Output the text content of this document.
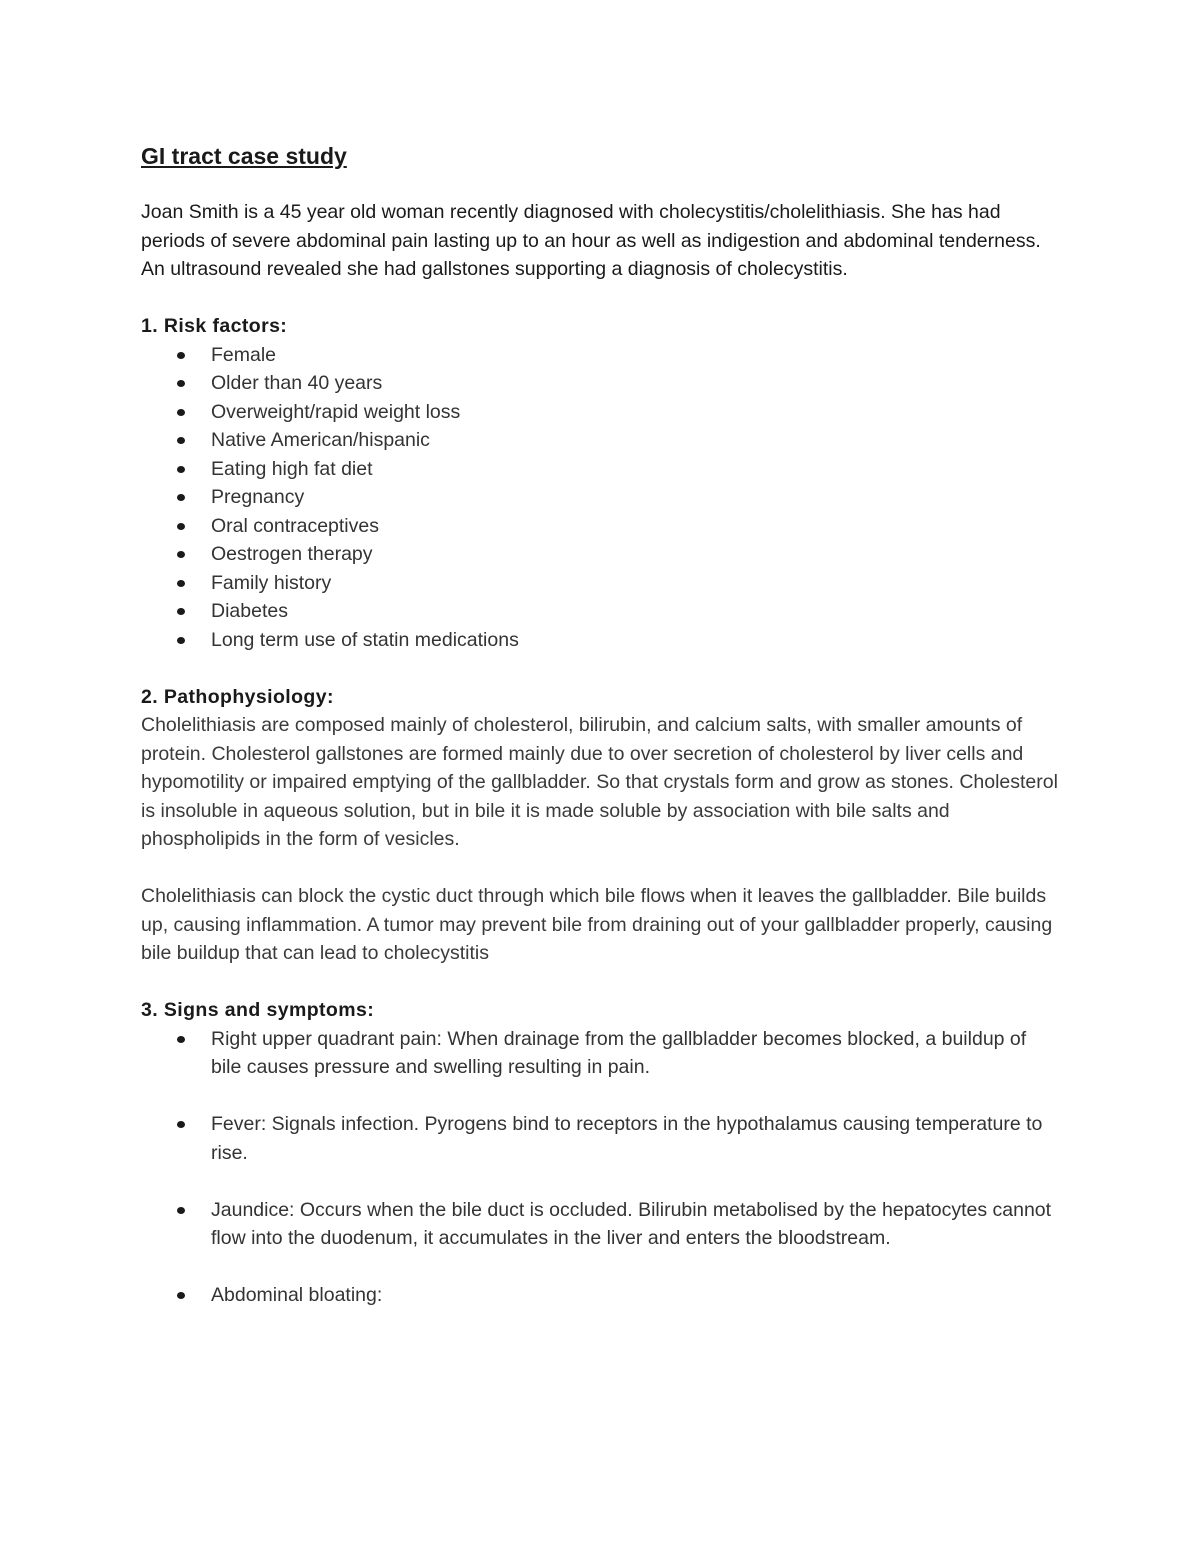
GI tract case study

Joan Smith is a 45 year old woman recently diagnosed with cholecystitis/cholelithiasis. She has had periods of severe abdominal pain lasting up to an hour as well as indigestion and abdominal tenderness. An ultrasound revealed she had gallstones supporting a diagnosis of cholecystitis.

1. Risk factors:

Female
Older than 40 years
Overweight/rapid weight loss
Native American/hispanic
Eating high fat diet
Pregnancy
Oral contraceptives
Oestrogen therapy
Family history
Diabetes
Long term use of statin medications

2. Pathophysiology:

Cholelithiasis are composed mainly of cholesterol, bilirubin, and calcium salts, with smaller amounts of protein. Cholesterol gallstones are formed mainly due to over secretion of cholesterol by liver cells and hypomotility or impaired emptying of the gallbladder. So that crystals form and grow as stones. Cholesterol is insoluble in aqueous solution, but in bile it is made soluble by association with bile salts and phospholipids in the form of vesicles.

Cholelithiasis can block the cystic duct through which bile flows when it leaves the gallbladder. Bile builds up, causing inflammation. A tumor may prevent bile from draining out of your gallbladder properly, causing bile buildup that can lead to cholecystitis

3. Signs and symptoms:

Right upper quadrant pain: When drainage from the gallbladder becomes blocked, a buildup of bile causes pressure and swelling resulting in pain.
Fever: Signals infection. Pyrogens bind to receptors in the hypothalamus causing temperature to rise.
Jaundice: Occurs when the bile duct is occluded. Bilirubin metabolised by the hepatocytes cannot flow into the duodenum, it accumulates in the liver and enters the bloodstream.
Abdominal bloating:
